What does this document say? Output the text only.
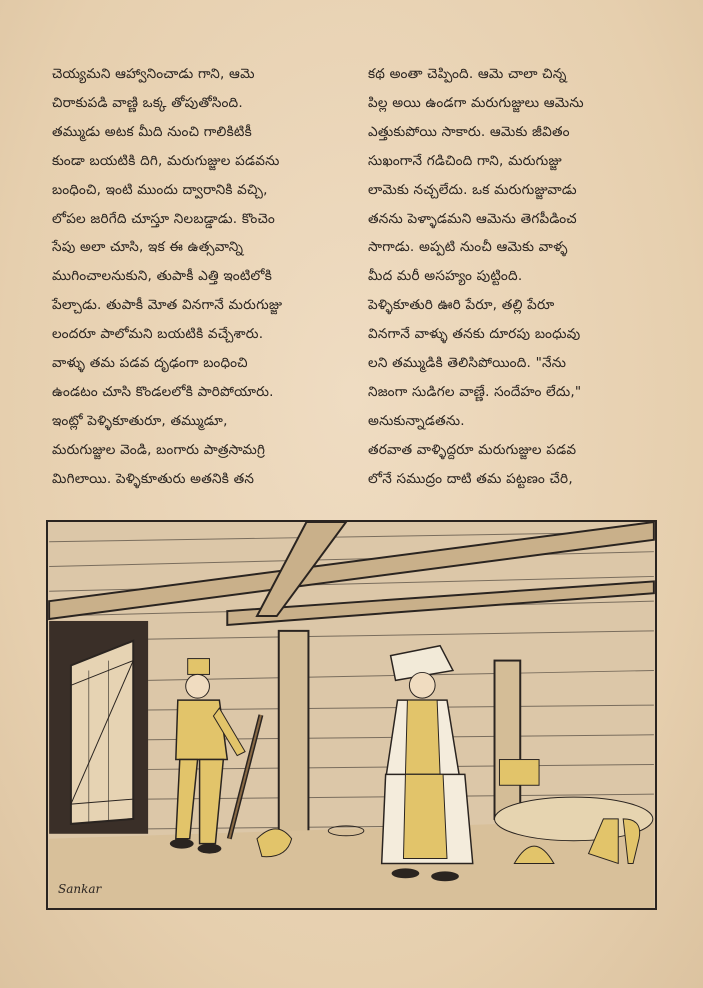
చెయ్యమని ఆహ్వానించాడు గాని, ఆమె

చిరాకుపడి వాణ్ణి ఒక్క తోపుతోసింది.

తమ్ముడు అటక మీది నుంచి గాలికిటికీ

కుండా బయటికి దిగి, మరుగుజ్జుల పడవను

బంధించి, ఇంటి ముందు ద్వారానికి వచ్చి,

లోపల జరిగేది చూస్తూ నిలబడ్డాడు. కొంచెం

సేపు అలా చూసి, ఇక ఈ ఉత్సవాన్ని

ముగించాలనుకుని, తుపాకీ ఎత్తి ఇంటిలోకి

పేల్చాడు. తుపాకీ మోత వినగానే మరుగుజ్జు

లందరూ పాలోమని బయటికి వచ్చేశారు.

వాళ్ళు తమ పడవ దృఢంగా బంధించి

ఉండటం చూసి కొండలలోకి పారిపోయారు.

ఇంట్లో పెళ్ళికూతురూ, తమ్ముడూ,

మరుగుజ్జుల వెండి, బంగారు పాత్రసామగ్రి

మిగిలాయి. పెళ్ళికూతురు అతనికి తన

కథ అంతా చెప్పింది. ఆమె చాలా చిన్న

పిల్ల అయి ఉండగా మరుగుజ్జులు ఆమెను

ఎత్తుకుపోయి సాకారు. ఆమెకు జీవితం

సుఖంగానే గడిచింది గాని, మరుగుజ్జు

లామెకు నచ్చలేదు. ఒక మరుగుజ్జువాడు

తనను పెళ్ళాడమని ఆమెను తెగపీడించ

సాగాడు. అప్పటి నుంచీ ఆమెకు వాళ్ళ

మీద మరీ అసహ్యం పుట్టింది.

పెళ్ళికూతురి ఊరి పేరూ, తల్లి పేరూ

వినగానే వాళ్ళు తనకు దూరపు బంధువు

లని తమ్ముడికి తెలిసిపోయింది. "నేను

నిజంగా సుడిగల వాణ్ణే. సందేహం లేదు,"

అనుకున్నాడతను.

తరవాత వాళ్ళిద్దరూ మరుగుజ్జుల పడవ

లోనే సముద్రం దాటి తమ పట్టణం చేరి,

Sankar
